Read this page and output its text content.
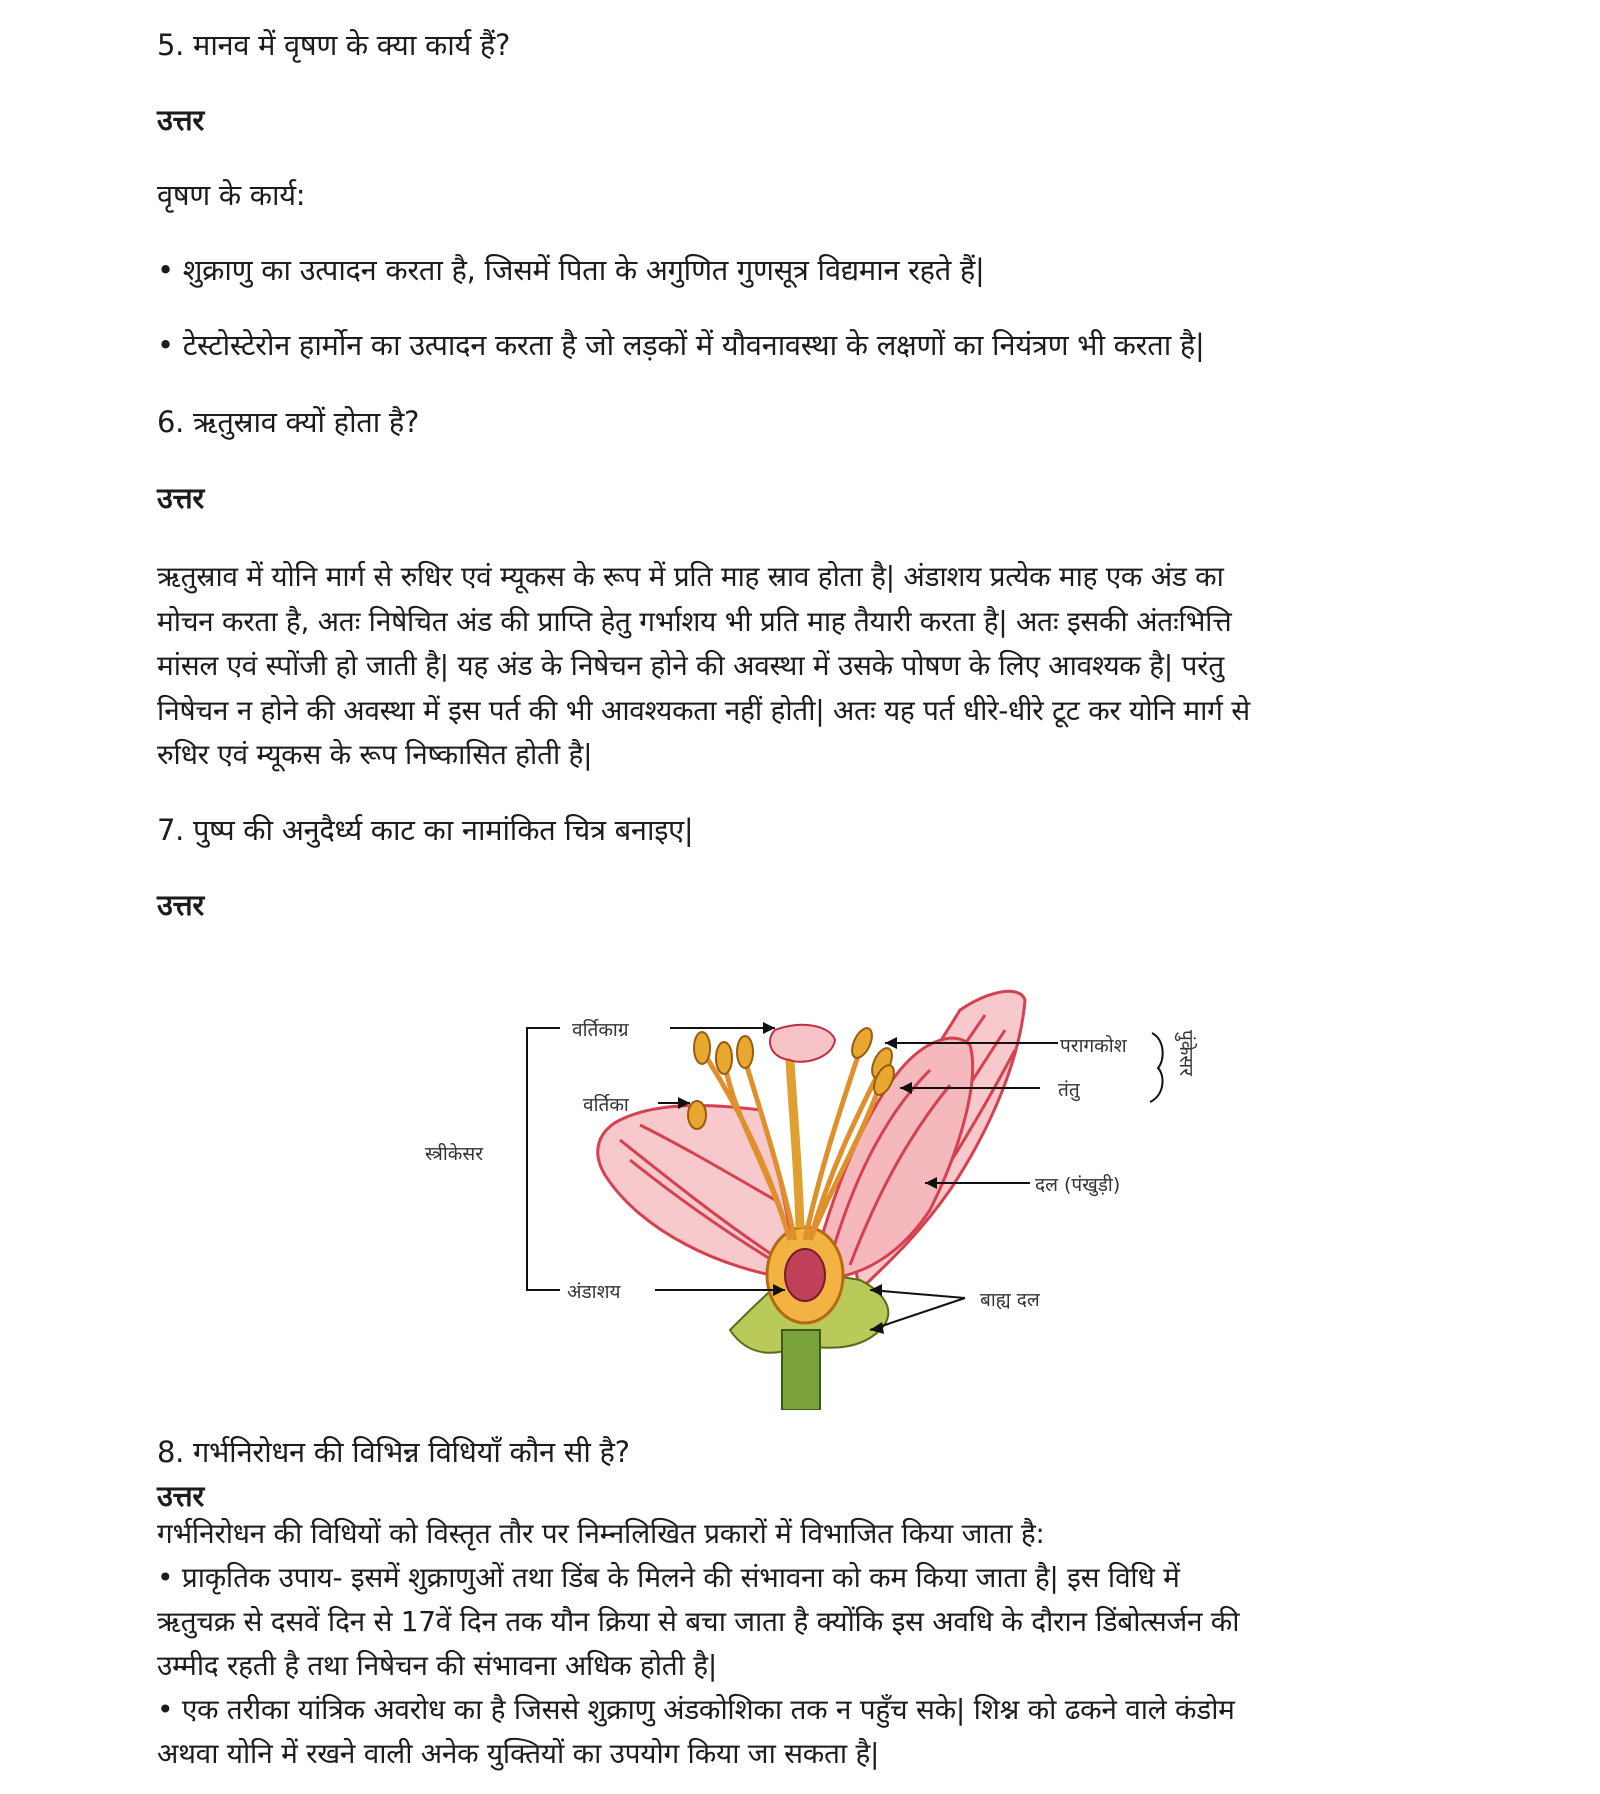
5. मानव में वृषण के क्या कार्य हैं?
उत्तर
वृषण के कार्य:
• शुक्राणु का उत्पादन करता है, जिसमें पिता के अगुणित गुणसूत्र विद्यमान रहते हैं|
• टेस्टोस्टेरोन हार्मोन का उत्पादन करता है जो लड़कों में यौवनावस्था के लक्षणों का नियंत्रण भी करता है|
6. ऋतुस्राव क्यों होता है?
उत्तर
ऋतुस्राव में योनि मार्ग से रुधिर एवं म्यूकस के रूप में प्रति माह स्राव होता है| अंडाशय प्रत्येक माह एक अंड का
मोचन करता है, अतः निषेचित अंड की प्राप्ति हेतु गर्भाशय भी प्रति माह तैयारी करता है| अतः इसकी अंतःभित्ति
मांसल एवं स्पोंजी हो जाती है| यह अंड के निषेचन होने की अवस्था में उसके पोषण के लिए आवश्यक है| परंतु
निषेचन न होने की अवस्था में इस पर्त की भी आवश्यकता नहीं होती| अतः यह पर्त धीरे-धीरे टूट कर योनि मार्ग से
रुधिर एवं म्यूकस के रूप निष्कासित होती है|
7. पुष्प की अनुदैर्ध्य काट का नामांकित चित्र बनाइए|
उत्तर
वर्तिकाग्र
वर्तिका
स्त्रीकेसर
अंडाशय
परागकोश
तंतु
पुंकेसर
दल (पंखुड़ी)
बाह्य दल
8. गर्भनिरोधन की विभिन्न विधियाँ कौन सी है?
उत्तर
गर्भनिरोधन की विधियों को विस्तृत तौर पर निम्नलिखित प्रकारों में विभाजित किया जाता है:
• प्राकृतिक उपाय- इसमें शुक्राणुओं तथा डिंब के मिलने की संभावना को कम किया जाता है| इस विधि में
ऋतुचक्र से दसवें दिन से 17वें दिन तक यौन क्रिया से बचा जाता है क्योंकि इस अवधि के दौरान डिंबोत्सर्जन की
उम्मीद रहती है तथा निषेचन की संभावना अधिक होती है|
• एक तरीका यांत्रिक अवरोध का है जिससे शुक्राणु अंडकोशिका तक न पहुँच सके| शिश्न को ढकने वाले कंडोम
अथवा योनि में रखने वाली अनेक युक्तियों का उपयोग किया जा सकता है|
